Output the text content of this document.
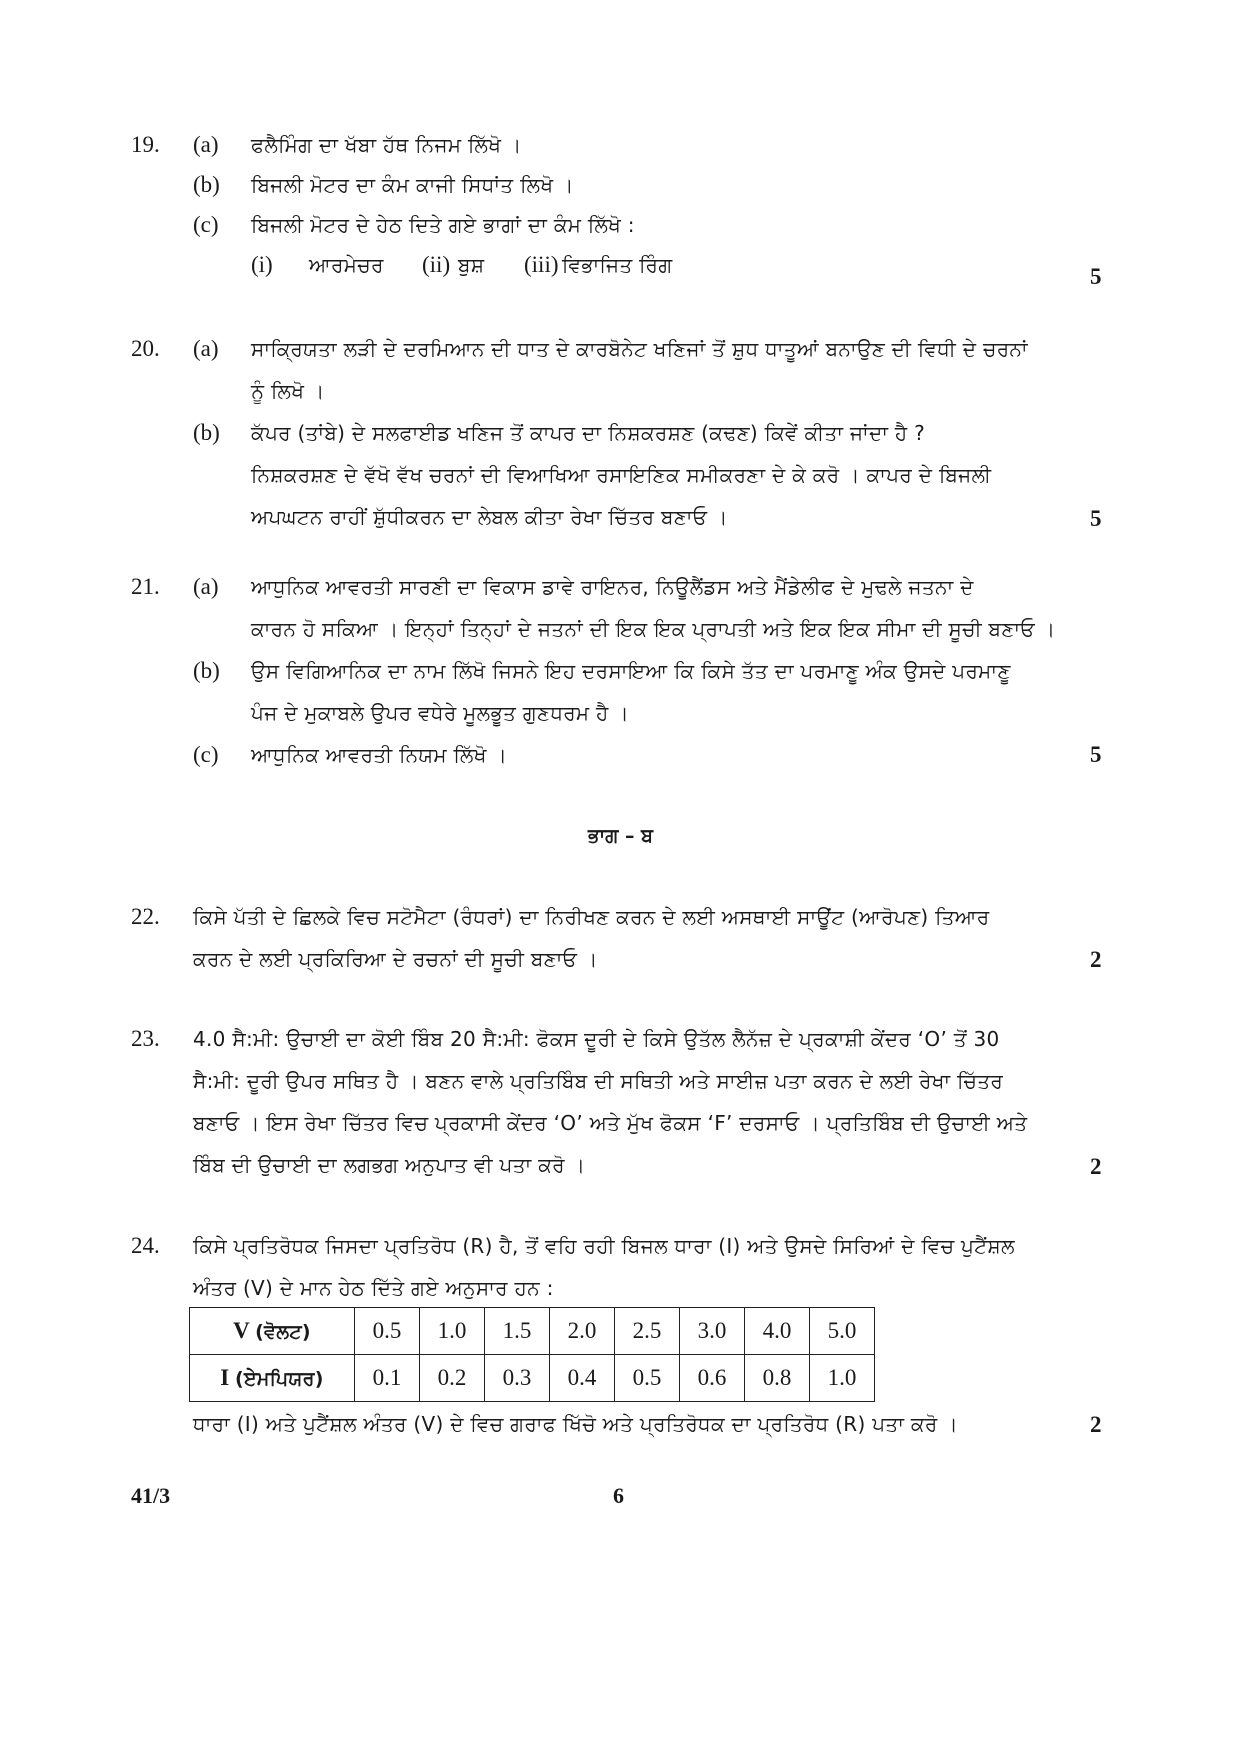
19. (a) ਫਲੈਮਿੰਗ ਦਾ ਖੱਬਾ ਹੱਥ ਨਿਜਮ ਲਿੱਖੋ ।
(b) ਬਿਜਲੀ ਮੋਟਰ ਦਾ ਕੰਮ ਕਾਜੀ ਸਿਧਾਂਤ ਲਿਖੋ ।
(c) ਬਿਜਲੀ ਮੋਟਰ ਦੇ ਹੇਠ ਦਿਤੇ ਗਏ ਭਾਗਾਂ ਦਾ ਕੰਮ ਲਿੱਖੋ :
(i) ਆਰਮੇਚਰ (ii) ਬੁਸ਼ (iii) ਵਿਭਾਜਿਤ ਰਿੰਗ	5
20. (a) ਸਾਕ੍ਰਿਯਤਾ ਲੜੀ ਦੇ ਦਰਮਿਆਨ ਦੀ ਧਾਤ ਦੇ ਕਾਰਬੋਨੇਟ ਖਣਿਜਾਂ ਤੋਂ ਸ਼ੁਧ ਧਾਤੂਆਂ ਬਨਾਉਣ ਦੀ ਵਿਧੀ ਦੇ ਚਰਨਾਂ
ਨੂੰ ਲਿਖੋ ।
(b) ਕੱਪਰ (ਤਾਂਬੇ) ਦੇ ਸਲਫਾਈਡ ਖਣਿਜ ਤੋਂ ਕਾਪਰ ਦਾ ਨਿਸ਼ਕਰਸ਼ਣ (ਕਢਣ) ਕਿਵੇਂ ਕੀਤਾ ਜਾਂਦਾ ਹੈ ?
ਨਿਸ਼ਕਰਸ਼ਣ ਦੇ ਵੱਖੋ ਵੱਖ ਚਰਨਾਂ ਦੀ ਵਿਆਖਿਆ ਰਸਾਇਣਿਕ ਸਮੀਕਰਣਾ ਦੇ ਕੇ ਕਰੋ । ਕਾਪਰ ਦੇ ਬਿਜਲੀ
ਅਪਘਟਨ ਰਾਹੀਂ ਸ਼ੁੱਧੀਕਰਨ ਦਾ ਲੇਬਲ ਕੀਤਾ ਰੇਖਾ ਚਿੱਤਰ ਬਣਾਓ ।	5
21. (a) ਆਧੁਨਿਕ ਆਵਰਤੀ ਸਾਰਣੀ ਦਾ ਵਿਕਾਸ ਡਾਵੇ ਰਾਇਨਰ, ਨਿਊਲੈਂਡਸ ਅਤੇ ਮੈਂਡੇਲੀਫ ਦੇ ਮੁਢਲੇ ਜਤਨਾ ਦੇ
ਕਾਰਨ ਹੋ ਸਕਿਆ । ਇਨ੍ਹਾਂ ਤਿਨ੍ਹਾਂ ਦੇ ਜਤਨਾਂ ਦੀ ਇਕ ਇਕ ਪ੍ਰਾਪਤੀ ਅਤੇ ਇਕ ਇਕ ਸੀਮਾ ਦੀ ਸੂਚੀ ਬਣਾਓ ।
(b) ਉਸ ਵਿਗਿਆਨਿਕ ਦਾ ਨਾਮ ਲਿੱਖੋ ਜਿਸਨੇ ਇਹ ਦਰਸਾਇਆ ਕਿ ਕਿਸੇ ਤੱਤ ਦਾ ਪਰਮਾਣੂ ਅੰਕ ਉਸਦੇ ਪਰਮਾਣੂ
ਪੰਜ ਦੇ ਮੁਕਾਬਲੇ ਉਪਰ ਵਧੇਰੇ ਮੂਲਭੂਤ ਗੁਣਧਰਮ ਹੈ ।
(c) ਆਧੁਨਿਕ ਆਵਰਤੀ ਨਿਯਮ ਲਿੱਖੋ ।	5
ਭਾਗ – ਬ
22. ਕਿਸੇ ਪੱਤੀ ਦੇ ਛਿਲਕੇ ਵਿਚ ਸਟੋਮੈਟਾ (ਰੰਧਰਾਂ) ਦਾ ਨਿਰੀਖਣ ਕਰਨ ਦੇ ਲਈ ਅਸਥਾਈ ਸਾਊਂਟ (ਆਰੋਪਣ) ਤਿਆਰ
ਕਰਨ ਦੇ ਲਈ ਪ੍ਰਕਿਰਿਆ ਦੇ ਰਚਨਾਂ ਦੀ ਸੂਚੀ ਬਣਾਓ ।	2
23. 4.0 ਸੈ:ਮੀ: ਉਚਾਈ ਦਾ ਕੋਈ ਬਿੰਬ 20 ਸੈ:ਮੀ: ਫੋਕਸ ਦੂਰੀ ਦੇ ਕਿਸੇ ਉਤੱਲ ਲੈਨੱਜ਼ ਦੇ ਪ੍ਰਕਾਸ਼ੀ ਕੇਂਦਰ ‘O’ ਤੋਂ 30
ਸੈ:ਮੀ: ਦੂਰੀ ਉਪਰ ਸਥਿਤ ਹੈ । ਬਣਨ ਵਾਲੇ ਪ੍ਰਤਿਬਿੰਬ ਦੀ ਸਥਿਤੀ ਅਤੇ ਸਾਈਜ਼ ਪਤਾ ਕਰਨ ਦੇ ਲਈ ਰੇਖਾ ਚਿੱਤਰ
ਬਣਾਓ । ਇਸ ਰੇਖਾ ਚਿੱਤਰ ਵਿਚ ਪ੍ਰਕਾਸੀ ਕੇਂਦਰ ‘O’ ਅਤੇ ਮੁੱਖ ਫੋਕਸ ‘F’ ਦਰਸਾਓ । ਪ੍ਰਤਿਬਿੰਬ ਦੀ ਉਚਾਈ ਅਤੇ
ਬਿੰਬ ਦੀ ਉਚਾਈ ਦਾ ਲਗਭਗ ਅਨੁਪਾਤ ਵੀ ਪਤਾ ਕਰੋ ।	2
24. ਕਿਸੇ ਪ੍ਰਤਿਰੋਧਕ ਜਿਸਦਾ ਪ੍ਰਤਿਰੋਧ (R) ਹੈ, ਤੋਂ ਵਹਿ ਰਹੀ ਬਿਜਲ ਧਾਰਾ (I) ਅਤੇ ਉਸਦੇ ਸਿਰਿਆਂ ਦੇ ਵਿਚ ਪੁਟੈਂਸ਼ਲ
ਅੰਤਰ (V) ਦੇ ਮਾਨ ਹੇਠ ਦਿੱਤੇ ਗਏ ਅਨੁਸਾਰ ਹਨ :
V (ਵੋਲਟ)	0.5	1.0	1.5	2.0	2.5	3.0	4.0	5.0
I (ਏਮਪਿਯਰ)	0.1	0.2	0.3	0.4	0.5	0.6	0.8	1.0
ਧਾਰਾ (I) ਅਤੇ ਪੁਟੈਂਸ਼ਲ ਅੰਤਰ (V) ਦੇ ਵਿਚ ਗਰਾਫ ਖਿੱਚੋ ਅਤੇ ਪ੍ਰਤਿਰੋਧਕ ਦਾ ਪ੍ਰਤਿਰੋਧ (R) ਪਤਾ ਕਰੋ ।	2
41/3	6
